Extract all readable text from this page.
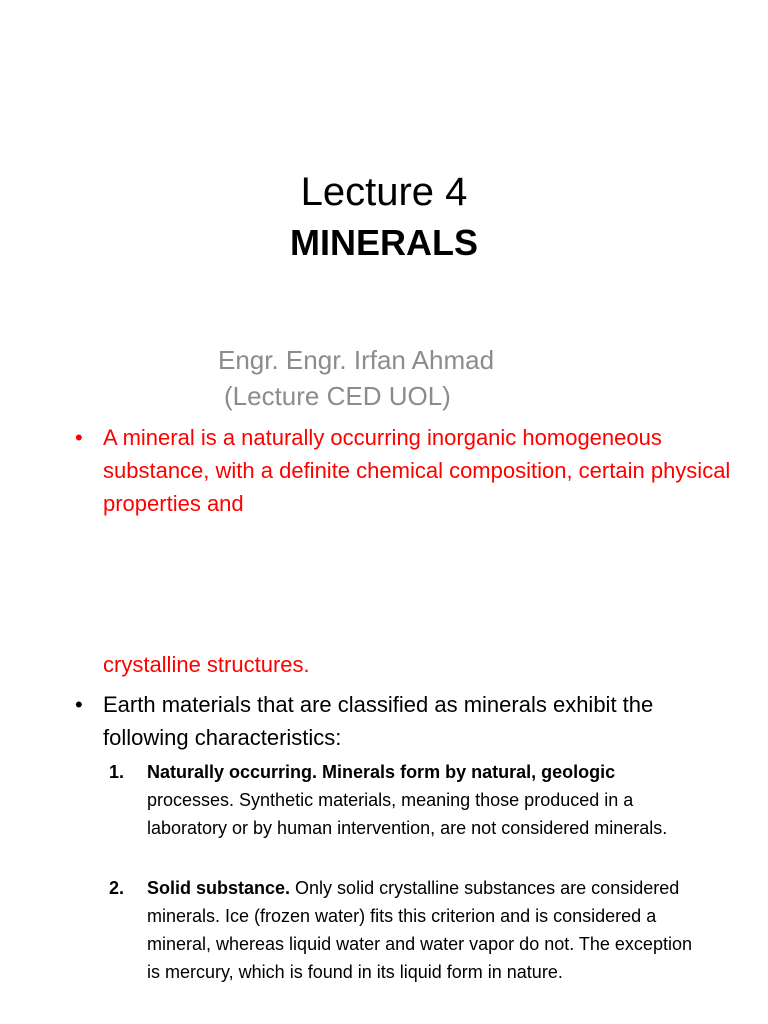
Lecture 4
MINERALS
Engr. Engr. Irfan Ahmad
(Lecture CED UOL)
• A mineral is a naturally occurring inorganic homogeneous substance, with a definite chemical composition, certain physical properties and
crystalline structures.
• Earth materials that are classified as minerals exhibit the following characteristics:
1. Naturally occurring. Minerals form by natural, geologic processes. Synthetic materials, meaning those produced in a laboratory or by human intervention, are not considered minerals.
2. Solid substance. Only solid crystalline substances are considered minerals. Ice (frozen water) fits this criterion and is considered a mineral, whereas liquid water and water vapor do not. The exception is mercury, which is found in its liquid form in nature.
